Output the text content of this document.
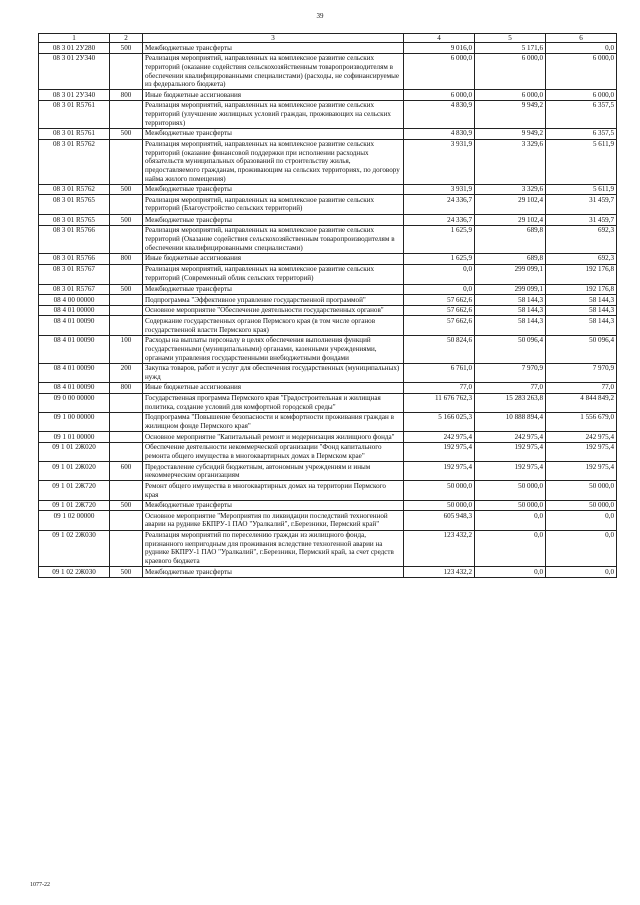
39
1	2	3	4	5	6
08 3 01 2У280	500	Межбюджетные трансферты	9 016,0	5 171,6	0,0
08 3 01 2У340		Реализация мероприятий, направленных на комплексное развитие сельских территорий (оказание содействия сельскохозяйственным товаропроизводителям в обеспечении квалифицированными специалистами) (расходы, не софинансируемые из федерального бюджета)	6 000,0	6 000,0	6 000,0
08 3 01 2У340	800	Иные бюджетные ассигнования	6 000,0	6 000,0	6 000,0
08 3 01 R5761		Реализация мероприятий, направленных на комплексное развитие сельских территорий (улучшение жилищных условий граждан, проживающих на сельских территориях)	4 830,9	9 949,2	6 357,5
08 3 01 R5761	500	Межбюджетные трансферты	4 830,9	9 949,2	6 357,5
08 3 01 R5762		Реализация мероприятий, направленных на комплексное развитие сельских территорий (оказание финансовой поддержки при исполнении расходных обязательств муниципальных образований по строительству жилья, предоставляемого гражданам, проживающим на сельских территориях, по договору найма жилого помещения)	3 931,9	3 329,6	5 611,9
08 3 01 R5762	500	Межбюджетные трансферты	3 931,9	3 329,6	5 611,9
08 3 01 R5765		Реализация мероприятий, направленных на комплексное развитие сельских территорий (Благоустройство сельских территорий)	24 336,7	29 102,4	31 459,7
08 3 01 R5765	500	Межбюджетные трансферты	24 336,7	29 102,4	31 459,7
08 3 01 R5766		Реализация мероприятий, направленных на комплексное развитие сельских территорий (Оказание содействия сельскохозяйственным товаропроизводителям в обеспечении квалифицированными специалистами)	1 625,9	689,8	692,3
08 3 01 R5766	800	Иные бюджетные ассигнования	1 625,9	689,8	692,3
08 3 01 R5767		Реализация мероприятий, направленных на комплексное развитие сельских территорий (Современный облик сельских территорий)	0,0	299 099,1	192 176,8
08 3 01 R5767	500	Межбюджетные трансферты	0,0	299 099,1	192 176,8
08 4 00 00000		Подпрограмма "Эффективное управление государственной программой"	57 662,6	58 144,3	58 144,3
08 4 01 00000		Основное мероприятие "Обеспечение деятельности государственных органов"	57 662,6	58 144,3	58 144,3
08 4 01 00090		Содержание государственных органов Пермского края (в том числе органов государственной власти Пермского края)	57 662,6	58 144,3	58 144,3
08 4 01 00090	100	Расходы на выплаты персоналу в целях обеспечения выполнения функций государственными (муниципальными) органами, казенными учреждениями, органами управления государственными внебюджетными фондами	50 824,6	50 096,4	50 096,4
08 4 01 00090	200	Закупка товаров, работ и услуг для обеспечения государственных (муниципальных) нужд	6 761,0	7 970,9	7 970,9
08 4 01 00090	800	Иные бюджетные ассигнования	77,0	77,0	77,0
09 0 00 00000		Государственная программа Пермского края "Градостроительная и жилищная политика, создание условий для комфортной городской среды"	11 676 762,3	15 283 263,8	4 844 849,2
09 1 00 00000		Подпрограмма "Повышение безопасности и комфортности проживания граждан в жилищном фонде Пермского края"	5 166 025,3	10 888 894,4	1 556 679,0
09 1 01 00000		Основное мероприятие "Капитальный ремонт и модернизация жилищного фонда"	242 975,4	242 975,4	242 975,4
09 1 01 2Ж020		Обеспечение деятельности некоммерческой организации "Фонд капитального ремонта общего имущества в многоквартирных домах в Пермском крае"	192 975,4	192 975,4	192 975,4
09 1 01 2Ж020	600	Предоставление субсидий бюджетным, автономным учреждениям и иным некоммерческим организациям	192 975,4	192 975,4	192 975,4
09 1 01 2Ж720		Ремонт общего имущества в многоквартирных домах на территории Пермского края	50 000,0	50 000,0	50 000,0
09 1 01 2Ж720	500	Межбюджетные трансферты	50 000,0	50 000,0	50 000,0
09 1 02 00000		Основное мероприятие "Мероприятия по ликвидации последствий техногенной аварии на руднике БКПРУ-1 ПАО "Уралкалий", г.Березники, Пермский край"	605 948,3	0,0	0,0
09 1 02 2Ж030		Реализация мероприятий по переселению граждан из жилищного фонда, признанного непригодным для проживания вследствие техногенной аварии на руднике БКПРУ-1 ПАО "Уралкалий", г.Березники, Пермский край, за счет средств краевого бюджета	123 432,2	0,0	0,0
09 1 02 2Ж030	500	Межбюджетные трансферты	123 432,2	0,0	0,0
1077-22
